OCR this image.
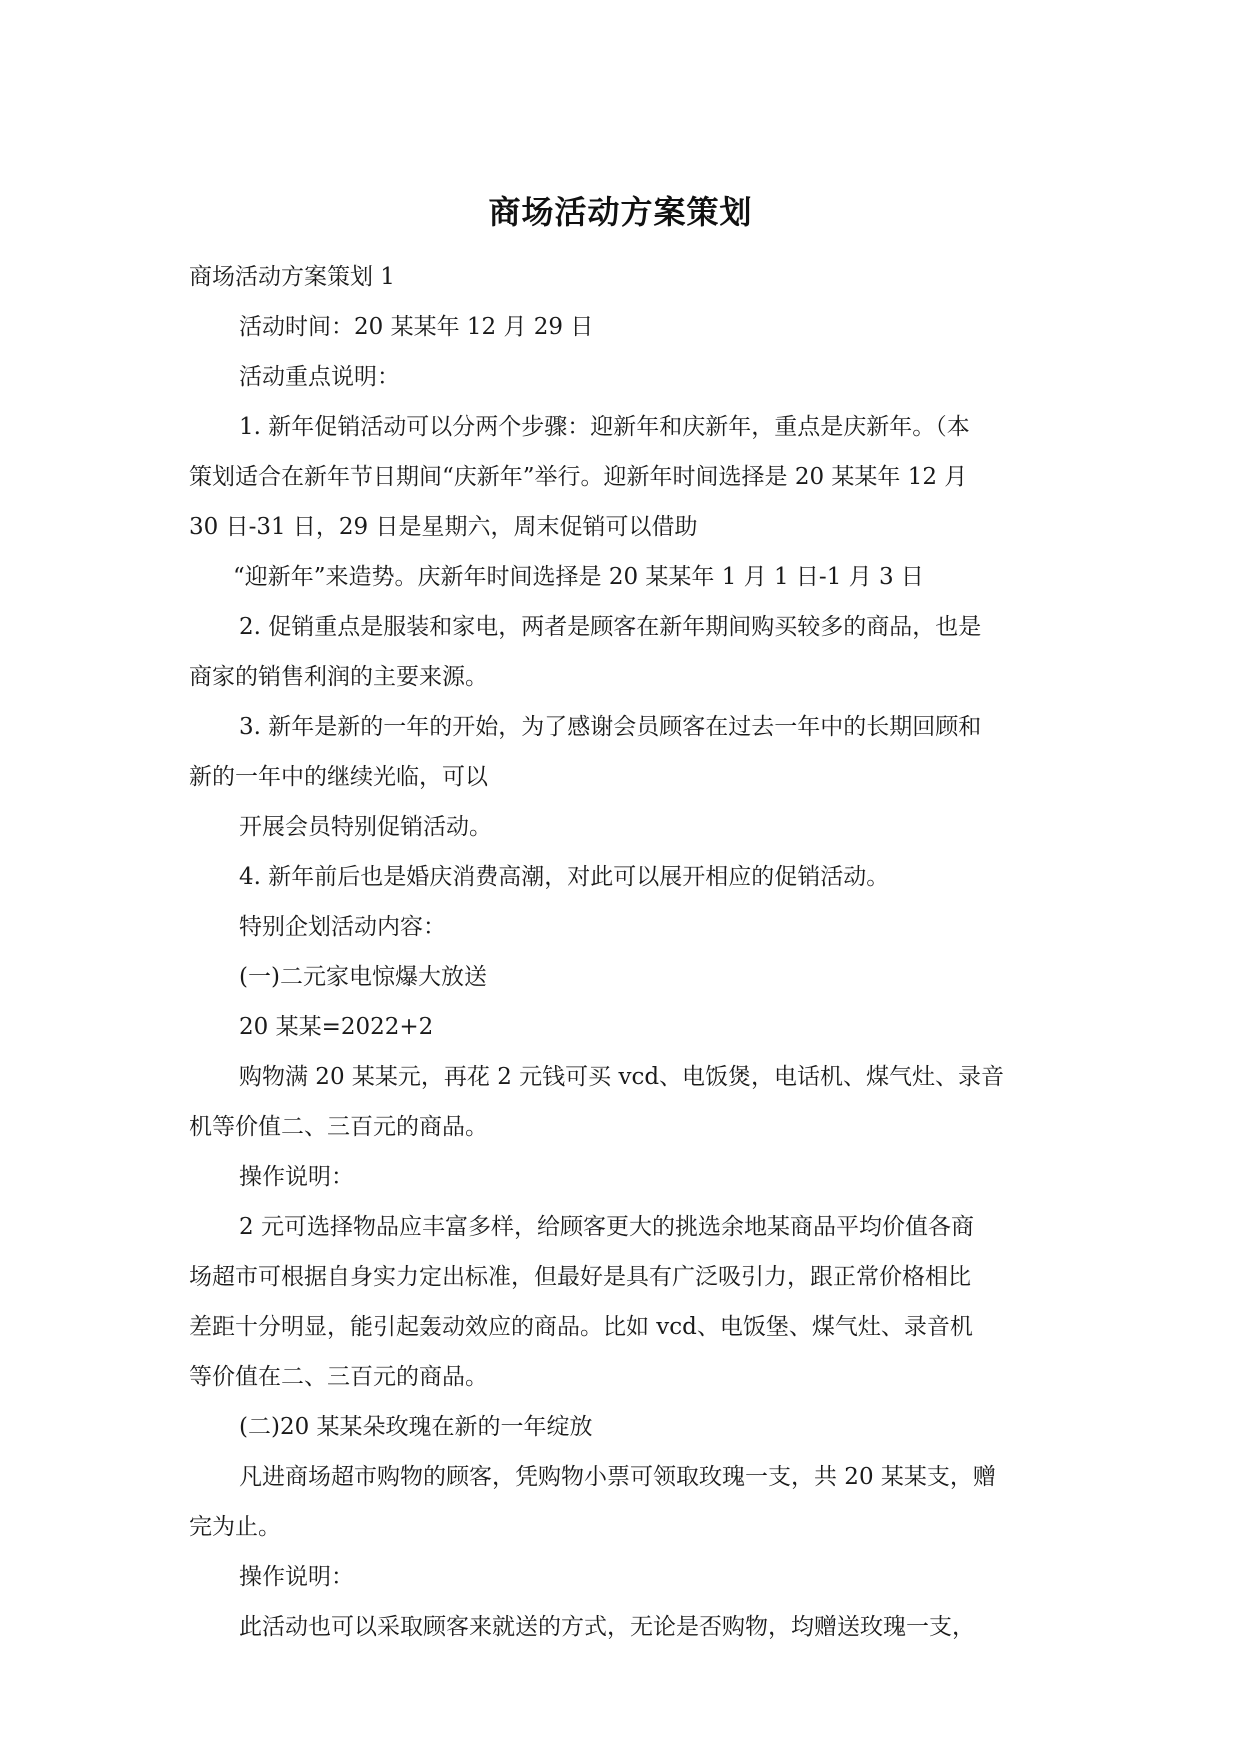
商场活动方案策划

商场活动方案策划 1

活动时间：20 某某年 12 月 29 日

活动重点说明：

1. 新年促销活动可以分两个步骤：迎新年和庆新年，重点是庆新年。（本

策划适合在新年节日期间“庆新年”举行。迎新年时间选择是 20 某某年 12 月

30 日-31 日，29 日是星期六，周末促销可以借助

“迎新年”来造势。庆新年时间选择是 20 某某年 1 月 1 日-1 月 3 日

2. 促销重点是服装和家电，两者是顾客在新年期间购买较多的商品，也是

商家的销售利润的主要来源。

3. 新年是新的一年的开始，为了感谢会员顾客在过去一年中的长期回顾和

新的一年中的继续光临，可以

开展会员特别促销活动。

4. 新年前后也是婚庆消费高潮，对此可以展开相应的促销活动。

特别企划活动内容：

(一)二元家电惊爆大放送

20 某某=2022+2

购物满 20 某某元，再花 2 元钱可买 vcd、电饭煲，电话机、煤气灶、录音

机等价值二、三百元的商品。

操作说明：

2 元可选择物品应丰富多样，给顾客更大的挑选余地某商品平均价值各商

场超市可根据自身实力定出标准，但最好是具有广泛吸引力，跟正常价格相比

差距十分明显，能引起轰动效应的商品。比如 vcd、电饭堡、煤气灶、录音机

等价值在二、三百元的商品。

(二)20 某某朵玫瑰在新的一年绽放

凡进商场超市购物的顾客，凭购物小票可领取玫瑰一支，共 20 某某支，赠

完为止。

操作说明：

此活动也可以采取顾客来就送的方式，无论是否购物，均赠送玫瑰一支，
